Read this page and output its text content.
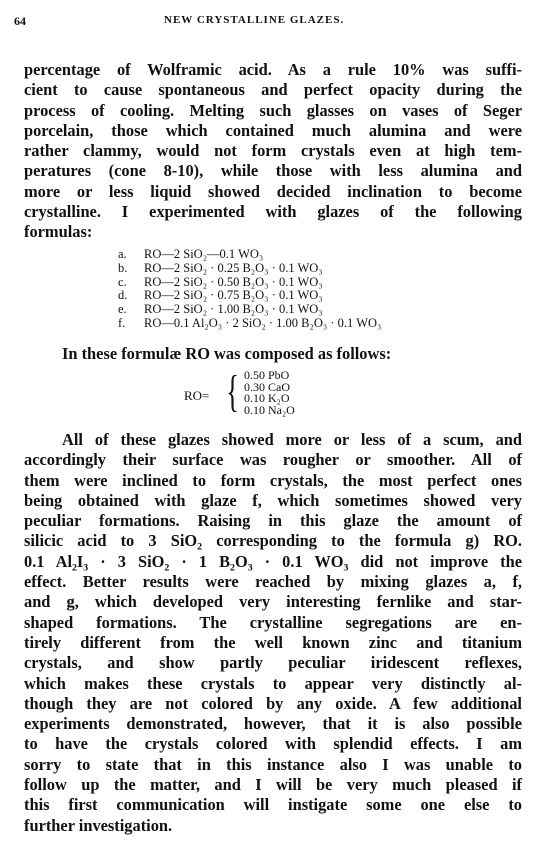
64	NEW CRYSTALLINE GLAZES.
percentage of Wolframic acid. As a rule 10% was suffi-
cient to cause spontaneous and perfect opacity during the
process of cooling. Melting such glasses on vases of Seger
porcelain, those which contained much alumina and were
rather clammy, would not form crystals even at high tem-
peratures (cone 8-10), while those with less alumina and
more or less liquid showed decided inclination to become
crystalline. I experimented with glazes of the following
formulas:
a.	RO—2 SiO₂—0.1 WO₃
b.	RO—2 SiO₂ · 0.25 B₂O₃ · 0.1 WO₃
c.	RO—2 SiO₂ · 0.50 B₂O₃ · 0.1 WO₃
d.	RO—2 SiO₂ · 0.75 B₂O₃ · 0.1 WO₃
e.	RO—2 SiO₂ · 1.00 B₂O₃ · 0.1 WO₃
f.	RO—0.1 Al₂O₃ · 2 SiO₂ · 1.00 B₂O₃ · 0.1 WO₃
In these formulæ RO was composed as follows:
RO= { 0.50 PbO
0.30 CaO
0.10 K₂O
0.10 Na₂O
All of these glazes showed more or less of a scum, and
accordingly their surface was rougher or smoother. All of
them were inclined to form crystals, the most perfect ones
being obtained with glaze f, which sometimes showed very
peculiar formations. Raising in this glaze the amount of
silicic acid to 3 SiO₂ corresponding to the formula g) RO.
0.1 Al₂I₃ · 3 SiO₂ · 1 B₂O₃ · 0.1 WO₃ did not improve the
effect. Better results were reached by mixing glazes a, f,
and g, which developed very interesting fernlike and star-
shaped formations. The crystalline segregations are en-
tirely different from the well known zinc and titanium
crystals, and show partly peculiar iridescent reflexes,
which makes these crystals to appear very distinctly al-
though they are not colored by any oxide. A few additional
experiments demonstrated, however, that it is also possible
to have the crystals colored with splendid effects. I am
sorry to state that in this instance also I was unable to
follow up the matter, and I will be very much pleased if
this first communication will instigate some one else to
further investigation.
